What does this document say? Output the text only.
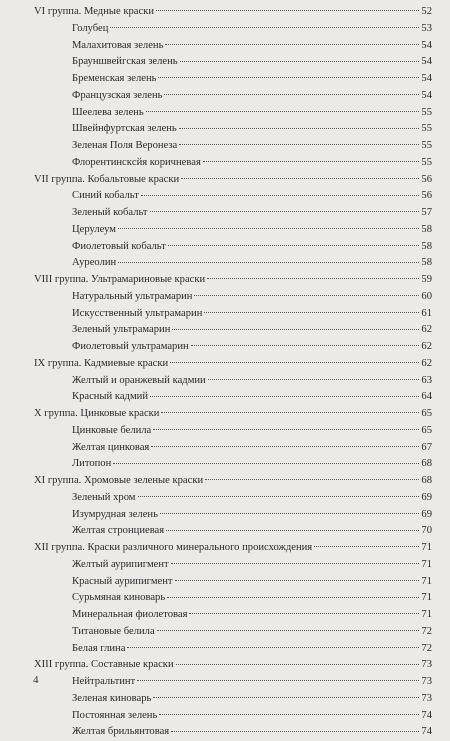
VI группа. Медные краски	52
Голубец	53
Малахитовая зелень	54
Брауншвейгская зелень	54
Бременская зелень	54
Французская зелень	54
Шеелева зелень	55
Швейнфуртская зелень	55
Зеленая Поля Веронеза	55
Флорентинскcйя коричневая	55
VII группа. Кобальтовые краски	56
Синий кобальт	56
Зеленый кобальт	57
Церулеум	58
Фиолетовый кобальт	58
Ауреолин	58
VIII группа. Ультрамариновые краски	59
Натуральный ультрамарин	60
Искусственный ультрамарин	61
Зеленый ультрамарин	62
Фиолетовый ультрамарин	62
IX группа. Кадмиевые краски	62
Желтый и оранжевый кадмии	63
Красный кадмий	64
X группа. Цинковые краски	65
Цинковые белила	65
Желтая цинковая	67
Литопон	68
XI группа. Хромовые зеленые краски	68
Зеленый хром	69
Изумрудная зелень	69
Желтая стронциевая	70
XII группа. Краски различного минерального происхождения	71
Желтый аурипигмент	71
Красный аурипигмент	71
Сурьмяная киноварь	71
Минеральная фиолетовая	71
Титановые белила	72
Белая глина	72
XIII группа. Составные краски	73
Нейтральтинт	73
Зеленая киноварь	73
Постоянная зелень	74
Желтая брильянтовая	74
4
